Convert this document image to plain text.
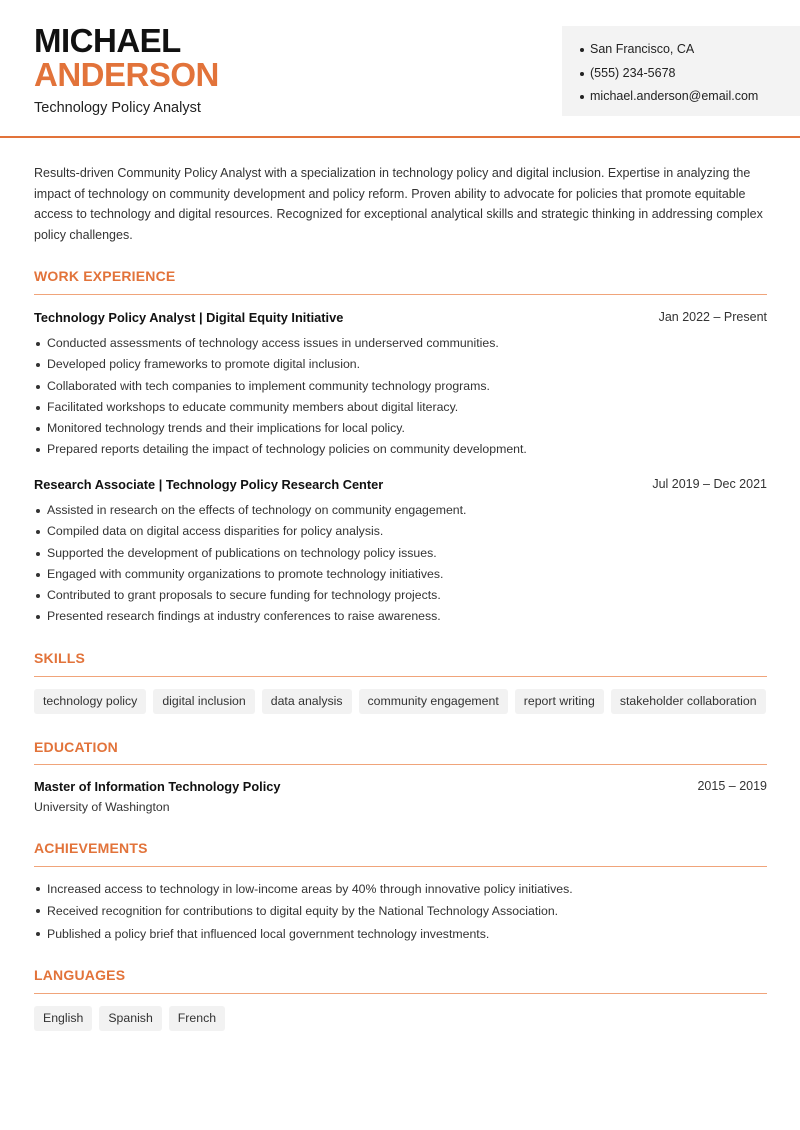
MICHAEL
ANDERSON
Technology Policy Analyst
San Francisco, CA
(555) 234-5678
michael.anderson@email.com

Results-driven Community Policy Analyst with a specialization in technology policy and digital inclusion. Expertise in analyzing the impact of technology on community development and policy reform. Proven ability to advocate for policies that promote equitable access to technology and digital resources. Recognized for exceptional analytical skills and strategic thinking in addressing complex policy challenges.

WORK EXPERIENCE
Technology Policy Analyst | Digital Equity Initiative	Jan 2022 – Present
Conducted assessments of technology access issues in underserved communities.
Developed policy frameworks to promote digital inclusion.
Collaborated with tech companies to implement community technology programs.
Facilitated workshops to educate community members about digital literacy.
Monitored technology trends and their implications for local policy.
Prepared reports detailing the impact of technology policies on community development.
Research Associate | Technology Policy Research Center	Jul 2019 – Dec 2021
Assisted in research on the effects of technology on community engagement.
Compiled data on digital access disparities for policy analysis.
Supported the development of publications on technology policy issues.
Engaged with community organizations to promote technology initiatives.
Contributed to grant proposals to secure funding for technology projects.
Presented research findings at industry conferences to raise awareness.
SKILLS
technology policy	digital inclusion	data analysis	community engagement	report writing	stakeholder collaboration
EDUCATION
Master of Information Technology Policy	2015 – 2019
University of Washington
ACHIEVEMENTS
Increased access to technology in low-income areas by 40% through innovative policy initiatives.
Received recognition for contributions to digital equity by the National Technology Association.
Published a policy brief that influenced local government technology investments.
LANGUAGES
English	Spanish	French
